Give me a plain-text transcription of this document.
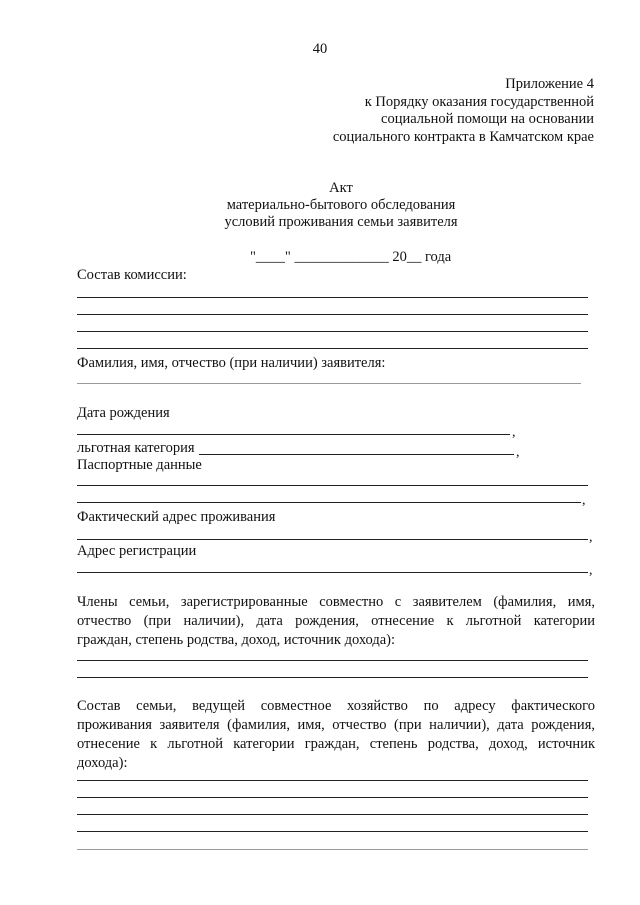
40
Приложение 4
к Порядку оказания государственной
социальной помощи на основании
социального контракта в Камчатском крае
Акт
материально-бытового обследования
условий проживания семьи заявителя
"____" _____________ 20__ года
Состав комиссии:
Фамилия, имя, отчество (при наличии) заявителя:
Дата рождения
,
льготная категория	,
Паспортные данные
,
Фактический адрес проживания
,
Адрес регистрации
,
Члены семьи, зарегистрированные совместно с заявителем (фамилия, имя,
отчество (при наличии), дата рождения, отнесение к льготной категории
граждан, степень родства, доход, источник дохода):
Состав семьи, ведущей совместное хозяйство по адресу фактического
проживания заявителя (фамилия, имя, отчество (при наличии), дата рождения,
отнесение к льготной категории граждан, степень родства, доход, источник
дохода):
